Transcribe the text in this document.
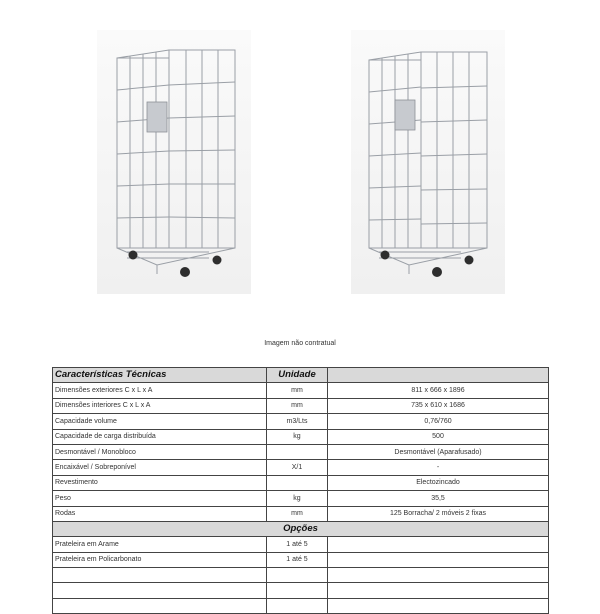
Imagem não contratual
Características Técnicas	Unidade	
Dimensões exteriores C x L x A	mm	811 x 666 x 1896
Dimensões interiores C x L x A	mm	735 x 610 x 1686
Capacidade volume	m3/Lts	0,76/760
Capacidade de carga distribuída	kg	500
Desmontável / Monobloco		Desmontável (Aparafusado)
Encaixável / Sobreponível	X/1	-
Revestimento		Electozincado
Peso	kg	35,5
Rodas	mm	125 Borracha/ 2 móveis 2 fixas
Opções		
Prateleira em Arame	1 até 5	
Prateleira em Policarbonato	1 até 5	
